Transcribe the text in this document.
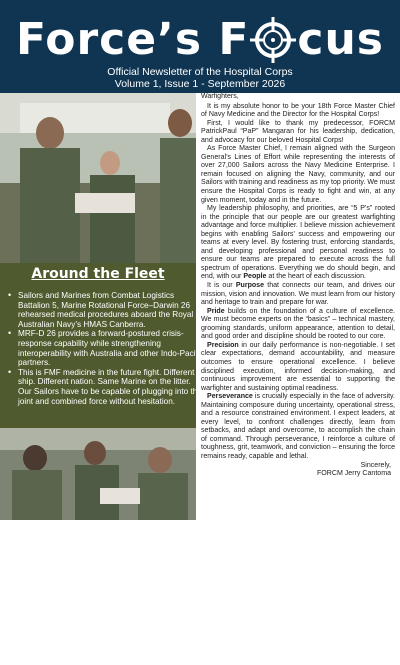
Force’s F cus
Official Newsletter of the Hospital Corps
Volume 1, Issue 1 - September 2026
Around the Fleet
• Sailors and Marines from Combat Logistics Battalion 5, Marine Rotational Force–Darwin 26 rehearsed medical procedures aboard the Royal Australian Navy’s HMAS Canberra.
• MRF-D 26 provides a forward-postured crisis-response capability while strengthening interoperability with Australia and other Indo-Pacific partners.
• This is FMF medicine in the future fight. Different ship. Different nation. Same Marine on the litter. Our Sailors have to be capable of plugging into the joint and combined force without hesitation.
Below: HM3 Damara Wright, center, with Combat Logistics Battalion 5, Marine Rotational Force – Darwin 26 explains how a blood type test kit can be used to determine a patient’s blood type.

Warfighters,

It is my absolute honor to be your 18th Force Master Chief of Navy Medicine and the Director for the Hospital Corps!

First, I would like to thank my predecessor, FORCM PatrickPaul “PaP” Mangaran for his leadership, dedication, and advocacy for our beloved Hospital Corps!

As Force Master Chief, I remain aligned with the Surgeon General’s Lines of Effort while representing the interests of over 27,000 Sailors across the Navy Medicine Enterprise. I remain focused on aligning the Navy, community, and our Sailors with training and readiness as my top priority. We must ensure the Hospital Corps is ready to fight and win, at any given moment, today and in the future.

My leadership philosophy, and priorities, are “5 P’s” rooted in the principle that our people are our greatest warfighting advantage and force multiplier. I believe mission achievement begins with enabling Sailors’ success and empowering our teams at every level. By fostering trust, enforcing standards, and developing professional and personal readiness to ensure our teams are prepared to execute across the full spectrum of operations. Everything we do should begin, and end, with our People at the heart of each discussion.

It is our Purpose that connects our team, and drives our mission, vision and innovation. We must learn from our history and heritage to train and prepare for war.

Pride builds on the foundation of a culture of excellence. We must become experts on the “basics” – technical mastery, grooming standards, uniform appearance, attention to detail, and good order and discipline should be rooted to our core.

Precision in our daily performance is non-negotiable. I set clear expectations, demand accountability, and measure outcomes to ensure operational excellence. I believe disciplined execution, informed decision-making, and continuous improvement are essential to supporting the warfighter and sustaining optimal readiness.

Perseverance is crucially especially in the face of adversity. Maintaining composure during uncertainty, operational stress, and a resource constrained environment. I expect leaders, at every level, to confront challenges directly, learn from setbacks, and adapt and overcome, to accomplish the chain of command. Through perseverance, I reinforce a culture of toughness, grit, teamwork, and conviction – ensuring the force remains ready, capable and lethal.

Sincerely,
FORCM Jerry Cantoma
